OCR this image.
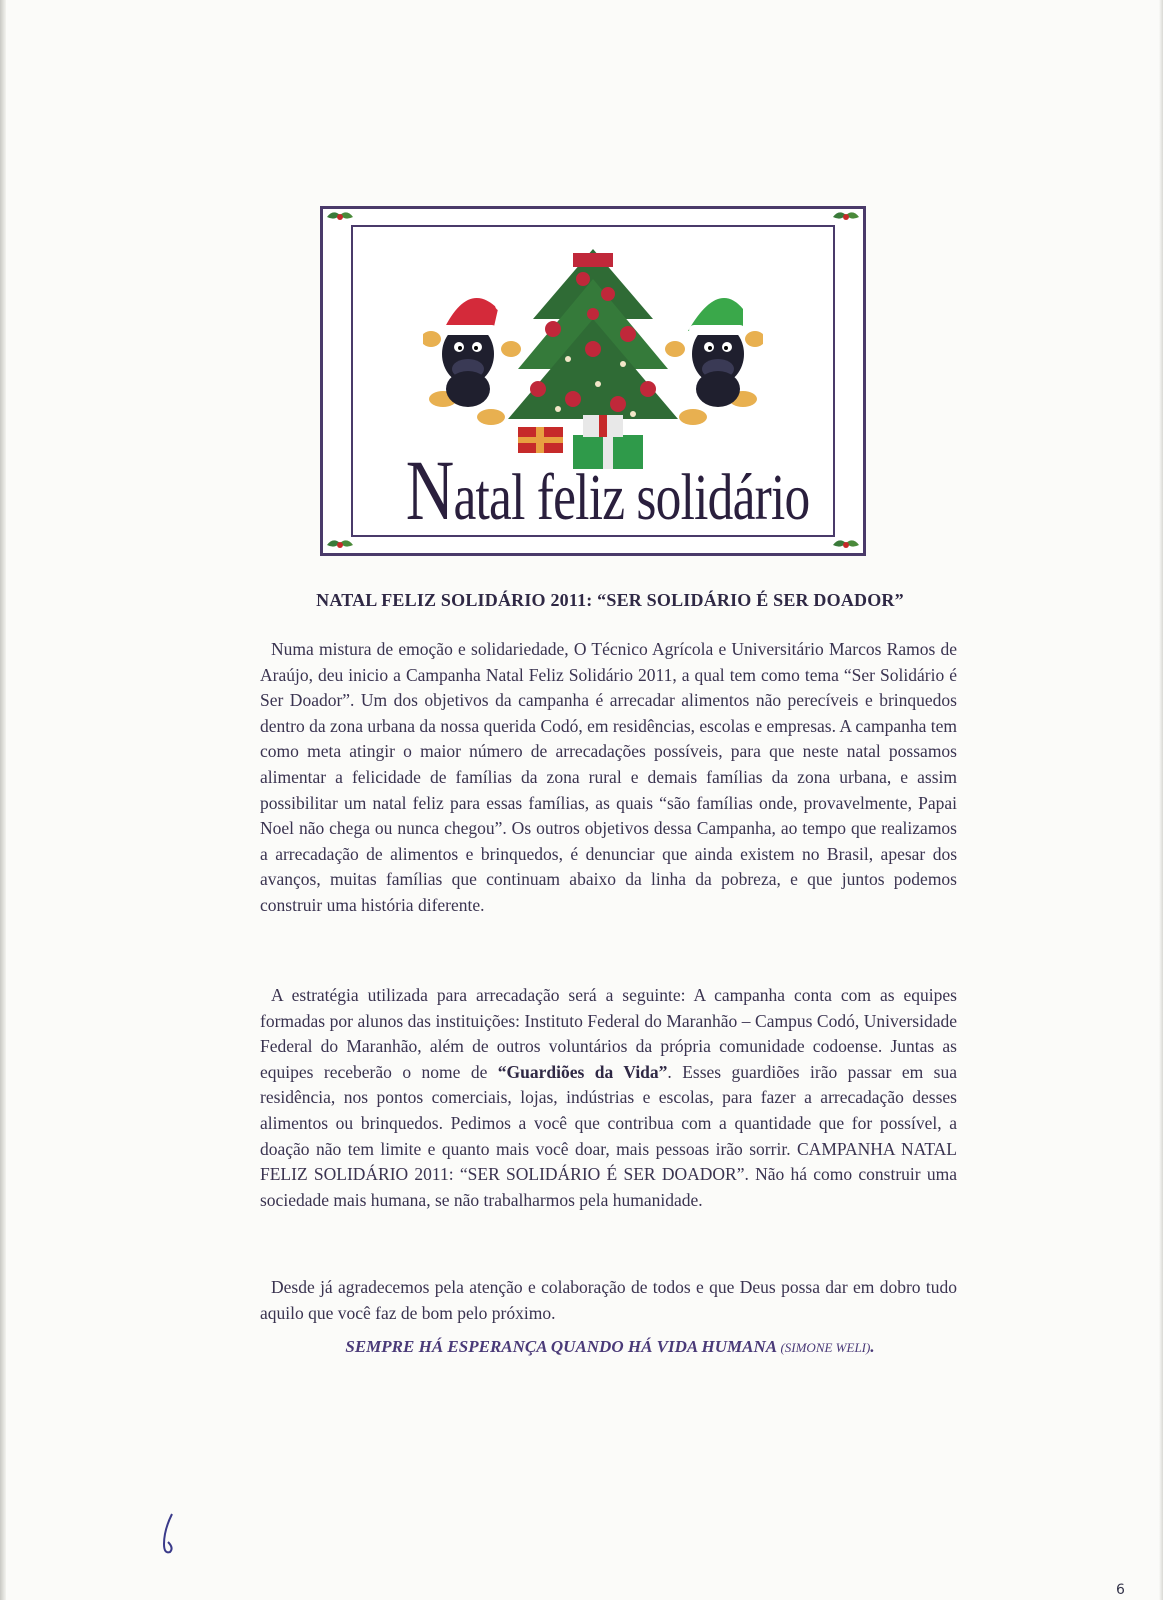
Natal feliz solidário
NATAL FELIZ SOLIDÁRIO 2011: “SER SOLIDÁRIO É SER DOADOR”

Numa mistura de emoção e solidariedade, O Técnico Agrícola e Universitário Marcos Ramos de Araújo, deu inicio a Campanha Natal Feliz Solidário 2011, a qual tem como tema “Ser Solidário é Ser Doador”. Um dos objetivos da campanha é arrecadar alimentos não perecíveis e brinquedos dentro da zona urbana da nossa querida Codó, em residências, escolas e empresas. A campanha tem como meta atingir o maior número de arrecadações possíveis, para que neste natal possamos alimentar a felicidade de famílias da zona rural e demais famílias da zona urbana, e assim possibilitar um natal feliz para essas famílias, as quais “são famílias onde, provavelmente, Papai Noel não chega ou nunca chegou”. Os outros objetivos dessa Campanha, ao tempo que realizamos a arrecadação de alimentos e brinquedos, é denunciar que ainda existem no Brasil, apesar dos avanços, muitas famílias que continuam abaixo da linha da pobreza, e que juntos podemos construir uma história diferente.

A estratégia utilizada para arrecadação será a seguinte: A campanha conta com as equipes formadas por alunos das instituições: Instituto Federal do Maranhão – Campus Codó, Universidade Federal do Maranhão, além de outros voluntários da própria comunidade codoense. Juntas as equipes receberão o nome de “Guardiões da Vida”. Esses guardiões irão passar em sua residência, nos pontos comerciais, lojas, indústrias e escolas, para fazer a arrecadação desses alimentos ou brinquedos. Pedimos a você que contribua com a quantidade que for possível, a doação não tem limite e quanto mais você doar, mais pessoas irão sorrir. CAMPANHA NATAL FELIZ SOLIDÁRIO 2011: “SER SOLIDÁRIO É SER DOADOR”. Não há como construir uma sociedade mais humana, se não trabalharmos pela humanidade.

Desde já agradecemos pela atenção e colaboração de todos e que Deus possa dar em dobro tudo aquilo que você faz de bom pelo próximo.

SEMPRE HÁ ESPERANÇA QUANDO HÁ VIDA HUMANA (SIMONE WELI).
6
